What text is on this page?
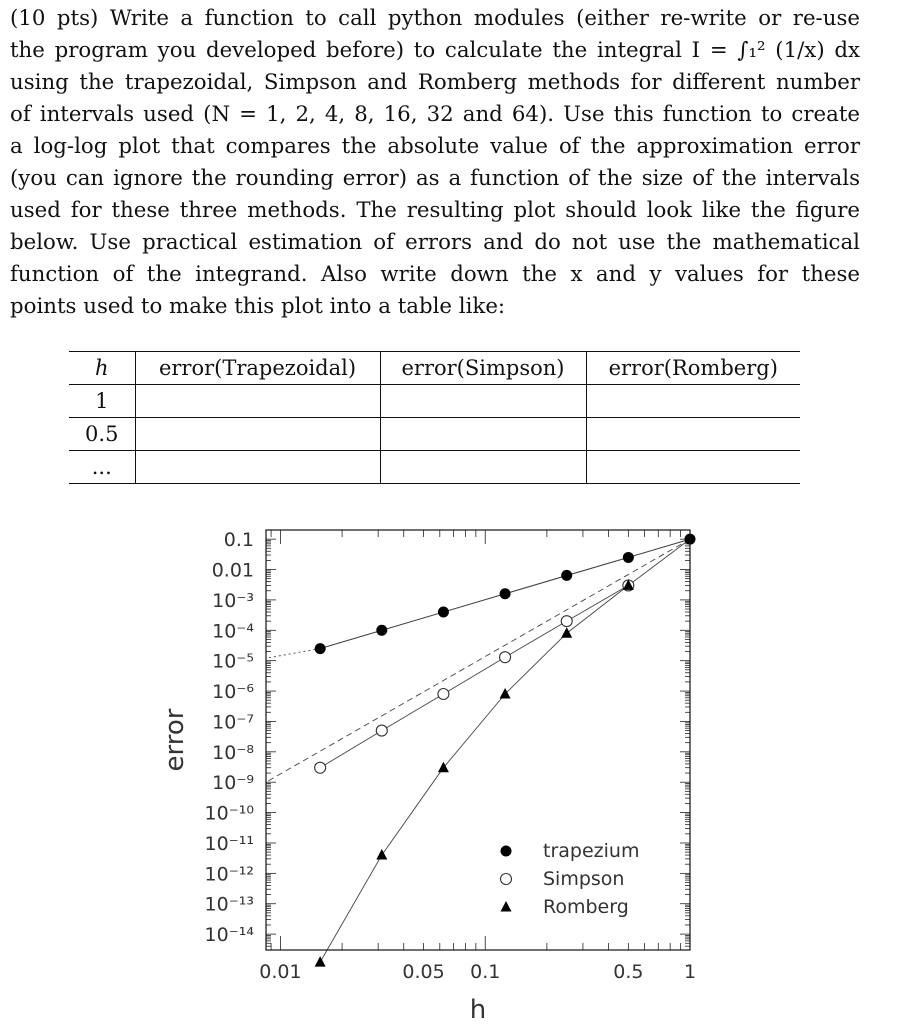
(10 pts) Write a function to call python modules (either re-write or re-use
the program you developed before) to calculate the integral I = ∫₁² (1/x) dx
using the trapezoidal, Simpson and Romberg methods for different number
of intervals used (N = 1, 2, 4, 8, 16, 32 and 64). Use this function to create
a log-log plot that compares the absolute value of the approximation error
(you can ignore the rounding error) as a function of the size of the intervals
used for these three methods. The resulting plot should look like the figure
below. Use practical estimation of errors and do not use the mathematical
function of the integrand. Also write down the x and y values for these
points used to make this plot into a table like:
h	error(Trapezoidal)	error(Simpson)	error(Romberg)
1			
0.5			
...			
0.1
0.01
10⁻³
10⁻⁴
10⁻⁵
10⁻⁶
10⁻⁷
10⁻⁸
10⁻⁹
10⁻¹⁰
10⁻¹¹
10⁻¹²
10⁻¹³
10⁻¹⁴
0.01	0.05 0.1	0.5 1
trapezium
Simpson
Romberg
h
error
